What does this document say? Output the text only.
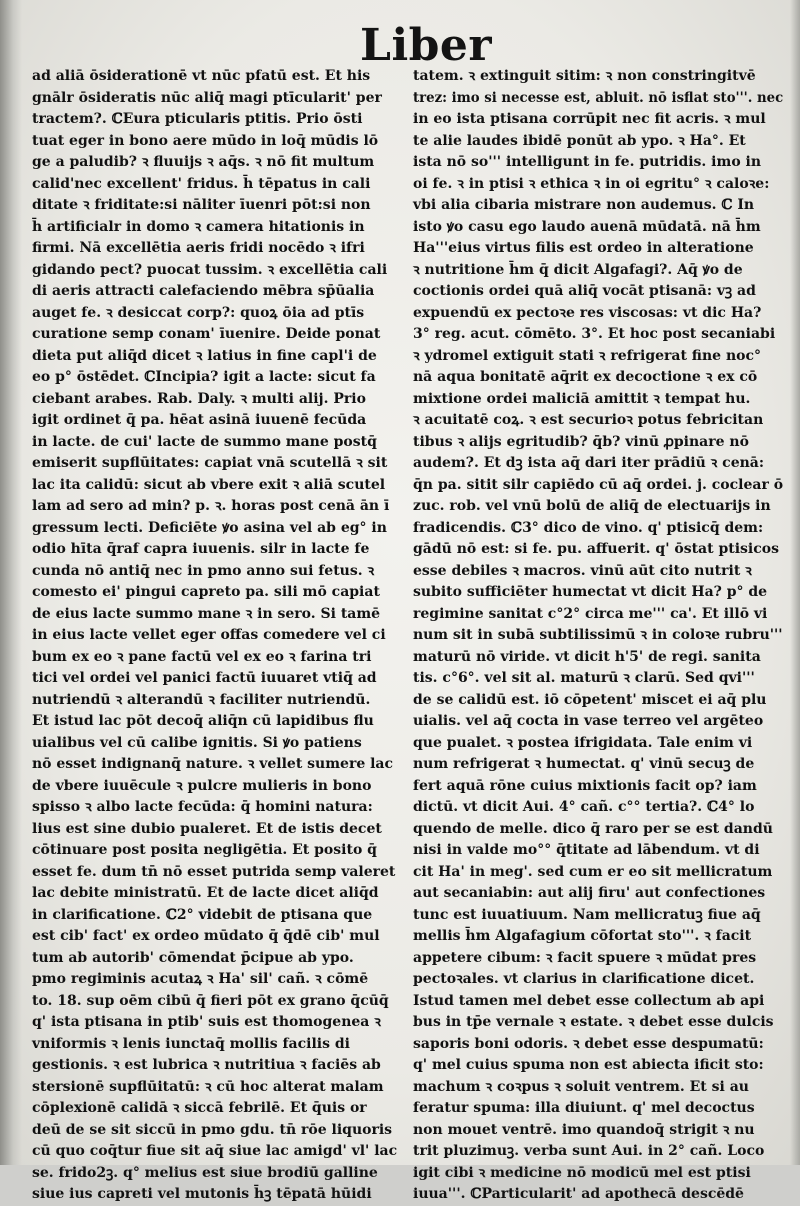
Liber
ad aliā ōsiderationē vt nūc pfatū est. Et his
gnālr ōsideratis nūc aliq̄ magi ptīcularit' per
tractem?. ℂEura pticularis ptitis. Prio ōsti
tuat eger in bono aere mūdo in loq̄ mūdis lō
ge a paludib? ꝛ fluuijs ꝛ aq̄s. ꝛ nō fit multum
calid'nec excellent' fridus. h̄ tēpatus in cali
ditate ꝛ friditate:si nāliter īuenri pōt:si non
h̄ artificialr in domo ꝛ camera hitationis in
firmi. Nā excellētia aeris fridi nocēdo ꝛ ifri
gidando pect? puocat tussim. ꝛ excellētia cali
di aeris attracti calefaciendo mēbra sp̄ūalia
auget fe. ꝛ desiccat corp?: quoꝝ ōia ad ptīs
curatione semp conam' īuenire. Deide ponat
dieta put aliq̄d dicet ꝛ latius in fine capl'i de
eo p° ōstēdet. ℂIncipia? igit a lacte: sicut fa
ciebant arabes. Rab. Daly. ꝛ multi alij. Prio
igit ordinet q̄ pa. hēat asinā iuuenē fecūda
in lacte. de cui' lacte de summo mane postq̄
emiserit supflūitates: capiat vnā scutellā ꝛ sit
lac ita calidū: sicut ab vbere exit ꝛ aliā scutel
lam ad sero ad min? p. ꝛ. horas post cenā ān ī
gressum lecti. Deficiēte ꝟo asina vel ab eg° in
odio hīta q̄raf capra iuuenis. silr in lacte fe
cunda nō antiq̄ nec in pmo anno sui fetus. ꝛ
comesto ei' pingui capreto pa. sili mō capiat
de eius lacte summo mane ꝛ in sero. Si tamē
in eius lacte vellet eger offas comedere vel ci
bum ex eo ꝛ pane factū vel ex eo ꝛ farina tri
tici vel ordei vel panici factū iuuaret vtiq̄ ad
nutriendū ꝛ alterandū ꝛ faciliter nutriendū.
Et istud lac pōt decoq̄ aliq̄n cū lapidibus flu
uialibus vel cū calibe ignitis. Si ꝟo patiens
nō esset indignanq̄ nature. ꝛ vellet sumere lac
de vbere iuuēcule ꝛ pulcre mulieris in bono
spisso ꝛ albo lacte fecūda: q̄ homini natura:
lius est sine dubio pualeret. Et de istis decet
cōtinuare post posita negligētia. Et posito q̄
esset fe. dum tn̄ nō esset putrida semp valeret
lac debite ministratū. Et de lacte dicet aliq̄d
in clarificatione. ℂ2° videbit de ptisana que
est cib' fact' ex ordeo mūdato q̄ q̄dē cib' mul
tum ab autorib' cōmendat p̄cipue ab ypo.
pmo regiminis acutaꝝ ꝛ Ha' sil' cañ. ꝛ cōmē
to. 18. sup oēm cibū q̄ fieri pōt ex grano q̄cūq̄
q' ista ptisana in ptib' suis est thomogenea ꝛ
vniformis ꝛ lenis iunctaq̄ mollis facilis di
gestionis. ꝛ est lubrica ꝛ nutritiua ꝛ faciēs ab
stersionē supflūitatū: ꝛ cū hoc alterat malam
cōplexionē calidā ꝛ siccā febrilē. Et q̄uis or
deū de se sit siccū in pmo gdu. tn̄ rōe liquoris
cū quo coq̄tur fiue sit aq̄ siue lac amigd' vl' lac
se. frido2ꝫ. q° melius est siue brodiū galline
siue ius capreti vel mutonis h̄ꝫ tēpatā hūidi
tatem. ꝛ extinguit sitim: ꝛ non constringitvē
trez: imo si necesse est, abluit. nō isflat sto'''. nec
in eo ista ptisana corrūpit nec fit acris. ꝛ mul
te alie laudes ibidē ponūt ab ypo. ꝛ Ha°. Et
ista nō so''' intelligunt in fe. putridis. imo in
oi fe. ꝛ in ptisi ꝛ ethica ꝛ in oi egritu° ꝛ caloꝛe:
vbi alia cibaria mistrare non audemus. ℂ In
isto ꝟo casu ego laudo auenā mūdatā. nā h̄m
Ha'''eius virtus filis est ordeo in alteratione
ꝛ nutritione h̄m q̄ dicit Algafagi?. Aq̄ ꝟo de
coctionis ordei quā aliq̄ vocāt ptisanā: vꝫ ad
expuendū ex pectoꝛe res viscosas: vt dic Ha?
3° reg. acut. cōmēto. 3°. Et hoc post secaniabi
ꝛ ydromel extiguit stati ꝛ refrigerat fine noc°
nā aqua bonitatē aq̄rit ex decoctione ꝛ ex cō
mixtione ordei maliciā amittit ꝛ tempat hu.
ꝛ acuitatē coꝝ. ꝛ est securioꝛ potus febricitan
tibus ꝛ alijs egritudib? q̄b? vinū ꝓpinare nō
audem?. Et dꝫ ista aq̄ dari iter prādiū ꝛ cenā:
q̄n pa. sitit silr capiēdo cū aq̄ ordei. j. coclear ō
zuc. rob. vel vnū bolū de aliq̄ de electuarijs in
fradicendis. ℂ3° dico de vino. q' ptisicq̄ dem:
gādū nō est: si fe. pu. affuerit. q' ōstat ptisicos
esse debiles ꝛ macros. vinū aūt cito nutrit ꝛ
subito sufficiēter humectat vt dicit Ha? p° de
regimine sanitat c°2° circa me''' ca'. Et illō vi
num sit in subā subtilissimū ꝛ in coloꝛe rubru'''
maturū nō viride. vt dicit h'5' de regi. sanita
tis. c°6°. vel sit al. maturū ꝛ clarū. Sed qvi'''
de se calidū est. iō cōpetent' miscet ei aq̄ plu
uialis. vel aq̄ cocta in vase terreo vel argēteo
que pualet. ꝛ postea ifrigidata. Tale enim vi
num refrigerat ꝛ humectat. q' vinū secuꝫ de
fert aquā rōne cuius mixtionis facit op? iam
dictū. vt dicit Aui. 4° cañ. c°° tertia?. ℂ4° lo
quendo de melle. dico q̄ raro per se est dandū
nisi in valde mo°° q̄titate ad lābendum. vt di
cit Ha' in meg'. sed cum er eo sit mellicratum
aut secaniabin: aut alij firu' aut confectiones
tunc est iuuatiuum. Nam mellicratuꝫ fiue aq̄
mellis h̄m Algafagium cōfortat sto'''. ꝛ facit
appetere cibum: ꝛ facit spuere ꝛ mūdat pres
pectoꝛales. vt clarius in clarificatione dicet.
Istud tamen mel debet esse collectum ab api
bus in tp̄e vernale ꝛ estate. ꝛ debet esse dulcis
saporis boni odoris. ꝛ debet esse despumatū:
q' mel cuius spuma non est abiecta ificit sto:
machum ꝛ coꝛpus ꝛ soluit ventrem. Et si au
feratur spuma: illa diuiunt. q' mel decoctus
non mouet ventrē. imo quandoq̄ strigit ꝛ nu
trit pluzimuꝫ. verba sunt Aui. in 2° cañ. Loco
igit cibi ꝛ medicine nō modicū mel est ptisi
iuua'''. ℂParticularit' ad apothecā descēdē
